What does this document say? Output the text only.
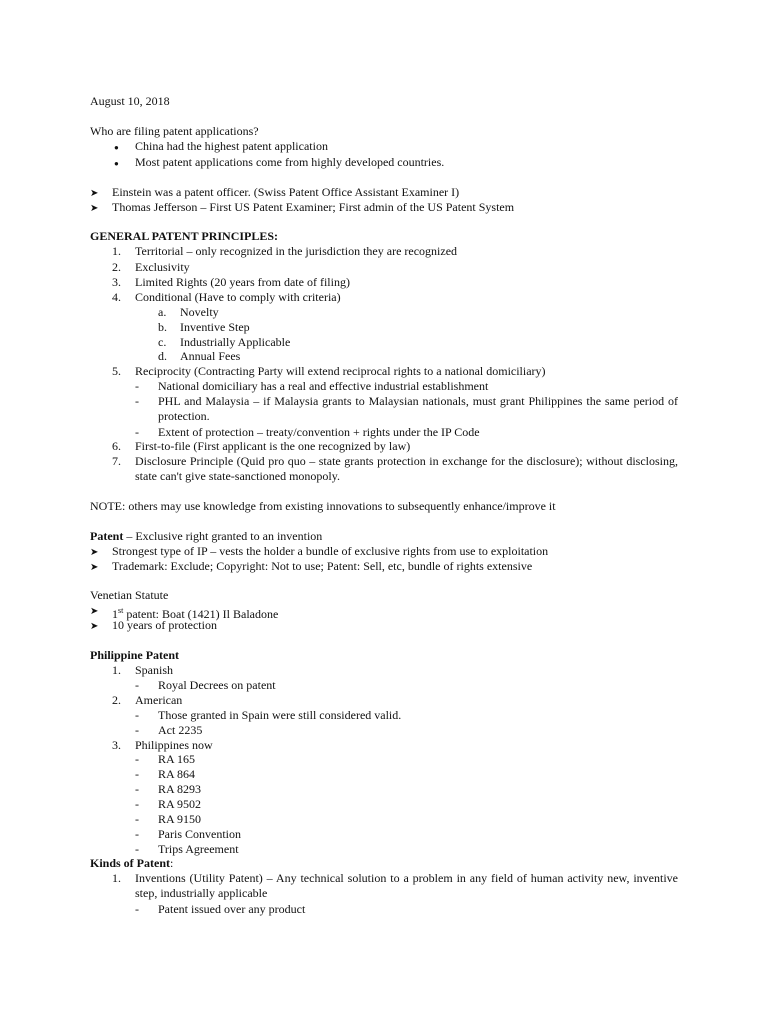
August 10, 2018
Who are filing patent applications?
● China had the highest patent application
● Most patent applications come from highly developed countries.
➤ Einstein was a patent officer. (Swiss Patent Office Assistant Examiner I)
➤ Thomas Jefferson – First US Patent Examiner; First admin of the US Patent System
GENERAL PATENT PRINCIPLES:
1. Territorial – only recognized in the jurisdiction they are recognized
2. Exclusivity
3. Limited Rights (20 years from date of filing)
4. Conditional (Have to comply with criteria)
a. Novelty
b. Inventive Step
c. Industrially Applicable
d. Annual Fees
5. Reciprocity (Contracting Party will extend reciprocal rights to a national domiciliary)
- National domiciliary has a real and effective industrial establishment
- PHL and Malaysia – if Malaysia grants to Malaysian nationals, must grant Philippines the same period of protection.
- Extent of protection – treaty/convention + rights under the IP Code
6. First-to-file (First applicant is the one recognized by law)
7. Disclosure Principle (Quid pro quo – state grants protection in exchange for the disclosure); without disclosing, state can't give state-sanctioned monopoly.
NOTE: others may use knowledge from existing innovations to subsequently enhance/improve it
Patent – Exclusive right granted to an invention
➤ Strongest type of IP – vests the holder a bundle of exclusive rights from use to exploitation
➤ Trademark: Exclude; Copyright: Not to use; Patent: Sell, etc, bundle of rights extensive
Venetian Statute
➤ 1st patent: Boat (1421) Il Baladone
➤ 10 years of protection
Philippine Patent
1. Spanish
- Royal Decrees on patent
2. American
- Those granted in Spain were still considered valid.
- Act 2235
3. Philippines now
- RA 165
- RA 864
- RA 8293
- RA 9502
- RA 9150
- Paris Convention
- Trips Agreement
Kinds of Patent:
1. Inventions (Utility Patent) – Any technical solution to a problem in any field of human activity new, inventive step, industrially applicable
- Patent issued over any product
